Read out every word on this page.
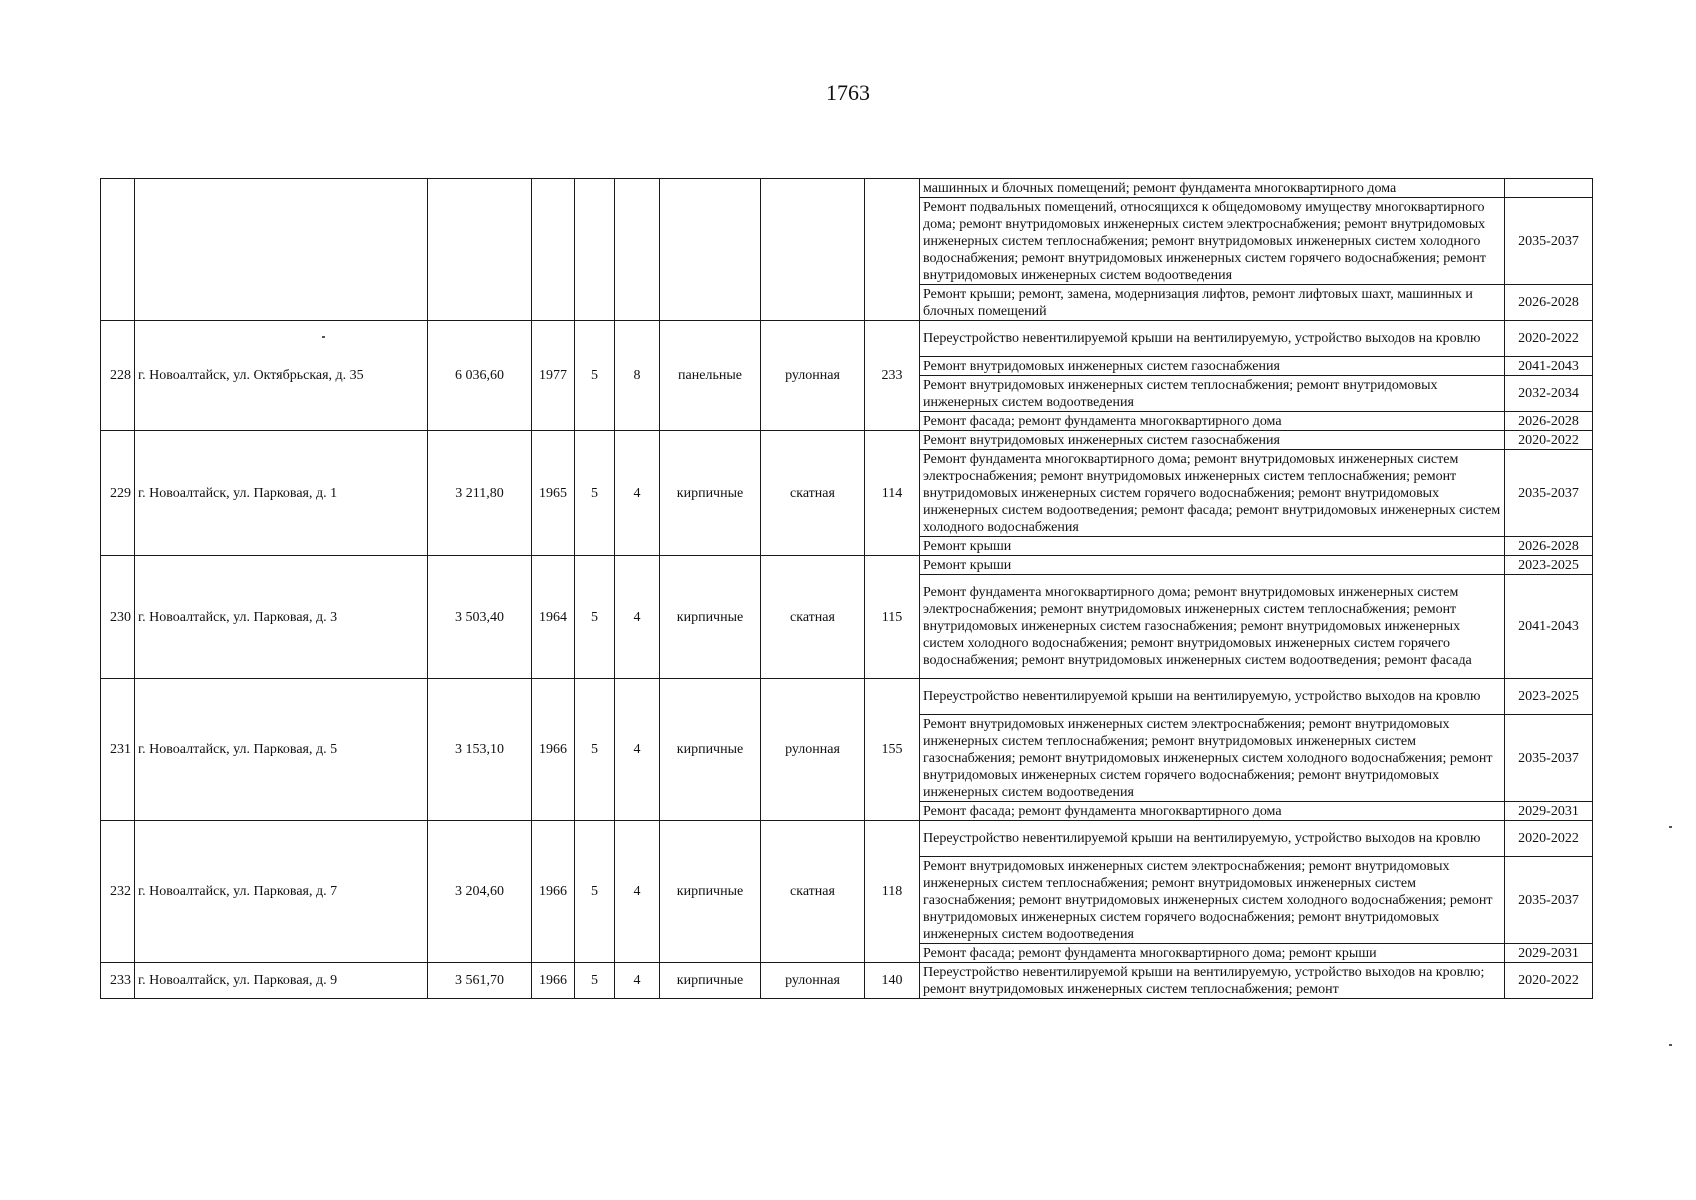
1763
									машинных и блочных помещений; ремонт фундамента многоквартирного дома	
									Ремонт подвальных помещений, относящихся к общедомовому имуществу многоквартирного дома; ремонт внутридомовых инженерных систем электроснабжения; ремонт внутридомовых инженерных систем теплоснабжения; ремонт внутридомовых инженерных систем холодного водоснабжения; ремонт внутридомовых инженерных систем горячего водоснабжения; ремонт внутридомовых инженерных систем водоотведения	2035-2037
									Ремонт крыши; ремонт, замена, модернизация лифтов, ремонт лифтовых шахт, машинных и блочных помещений	2026-2028
228	г. Новоалтайск, ул. Октябрьская, д. 35	6 036,60	1977	5	8	панельные	рулонная	233	Переустройство невентилируемой крыши на вентилируемую, устройство выходов на кровлю	2020-2022
									Ремонт внутридомовых инженерных систем газоснабжения	2041-2043
									Ремонт внутридомовых инженерных систем теплоснабжения; ремонт внутридомовых инженерных систем водоотведения	2032-2034
									Ремонт фасада; ремонт фундамента многоквартирного дома	2026-2028
229	г. Новоалтайск, ул. Парковая, д. 1	3 211,80	1965	5	4	кирпичные	скатная	114	Ремонт внутридомовых инженерных систем газоснабжения	2020-2022
									Ремонт фундамента многоквартирного дома; ремонт внутридомовых инженерных систем электроснабжения; ремонт внутридомовых инженерных систем теплоснабжения; ремонт внутридомовых инженерных систем горячего водоснабжения; ремонт внутридомовых инженерных систем водоотведения; ремонт фасада; ремонт внутридомовых инженерных систем холодного водоснабжения	2035-2037
									Ремонт крыши	2026-2028
230	г. Новоалтайск, ул. Парковая, д. 3	3 503,40	1964	5	4	кирпичные	скатная	115	Ремонт крыши	2023-2025
									Ремонт фундамента многоквартирного дома; ремонт внутридомовых инженерных систем электроснабжения; ремонт внутридомовых инженерных систем теплоснабжения; ремонт внутридомовых инженерных систем газоснабжения; ремонт внутридомовых инженерных систем холодного водоснабжения; ремонт внутридомовых инженерных систем горячего водоснабжения; ремонт внутридомовых инженерных систем водоотведения; ремонт фасада	2041-2043
231	г. Новоалтайск, ул. Парковая, д. 5	3 153,10	1966	5	4	кирпичные	рулонная	155	Переустройство невентилируемой крыши на вентилируемую, устройство выходов на кровлю	2023-2025
									Ремонт внутридомовых инженерных систем электроснабжения; ремонт внутридомовых инженерных систем теплоснабжения; ремонт внутридомовых инженерных систем газоснабжения; ремонт внутридомовых инженерных систем холодного водоснабжения; ремонт внутридомовых инженерных систем горячего водоснабжения; ремонт внутридомовых инженерных систем водоотведения	2035-2037
									Ремонт фасада; ремонт фундамента многоквартирного дома	2029-2031
232	г. Новоалтайск, ул. Парковая, д. 7	3 204,60	1966	5	4	кирпичные	скатная	118	Переустройство невентилируемой крыши на вентилируемую, устройство выходов на кровлю	2020-2022
									Ремонт внутридомовых инженерных систем электроснабжения; ремонт внутридомовых инженерных систем теплоснабжения; ремонт внутридомовых инженерных систем газоснабжения; ремонт внутридомовых инженерных систем холодного водоснабжения; ремонт внутридомовых инженерных систем горячего водоснабжения; ремонт внутридомовых инженерных систем водоотведения	2035-2037
									Ремонт фасада; ремонт фундамента многоквартирного дома; ремонт крыши	2029-2031
233	г. Новоалтайск, ул. Парковая, д. 9	3 561,70	1966	5	4	кирпичные	рулонная	140	Переустройство невентилируемой крыши на вентилируемую, устройство выходов на кровлю; ремонт внутридомовых инженерных систем теплоснабжения; ремонт	2020-2022
